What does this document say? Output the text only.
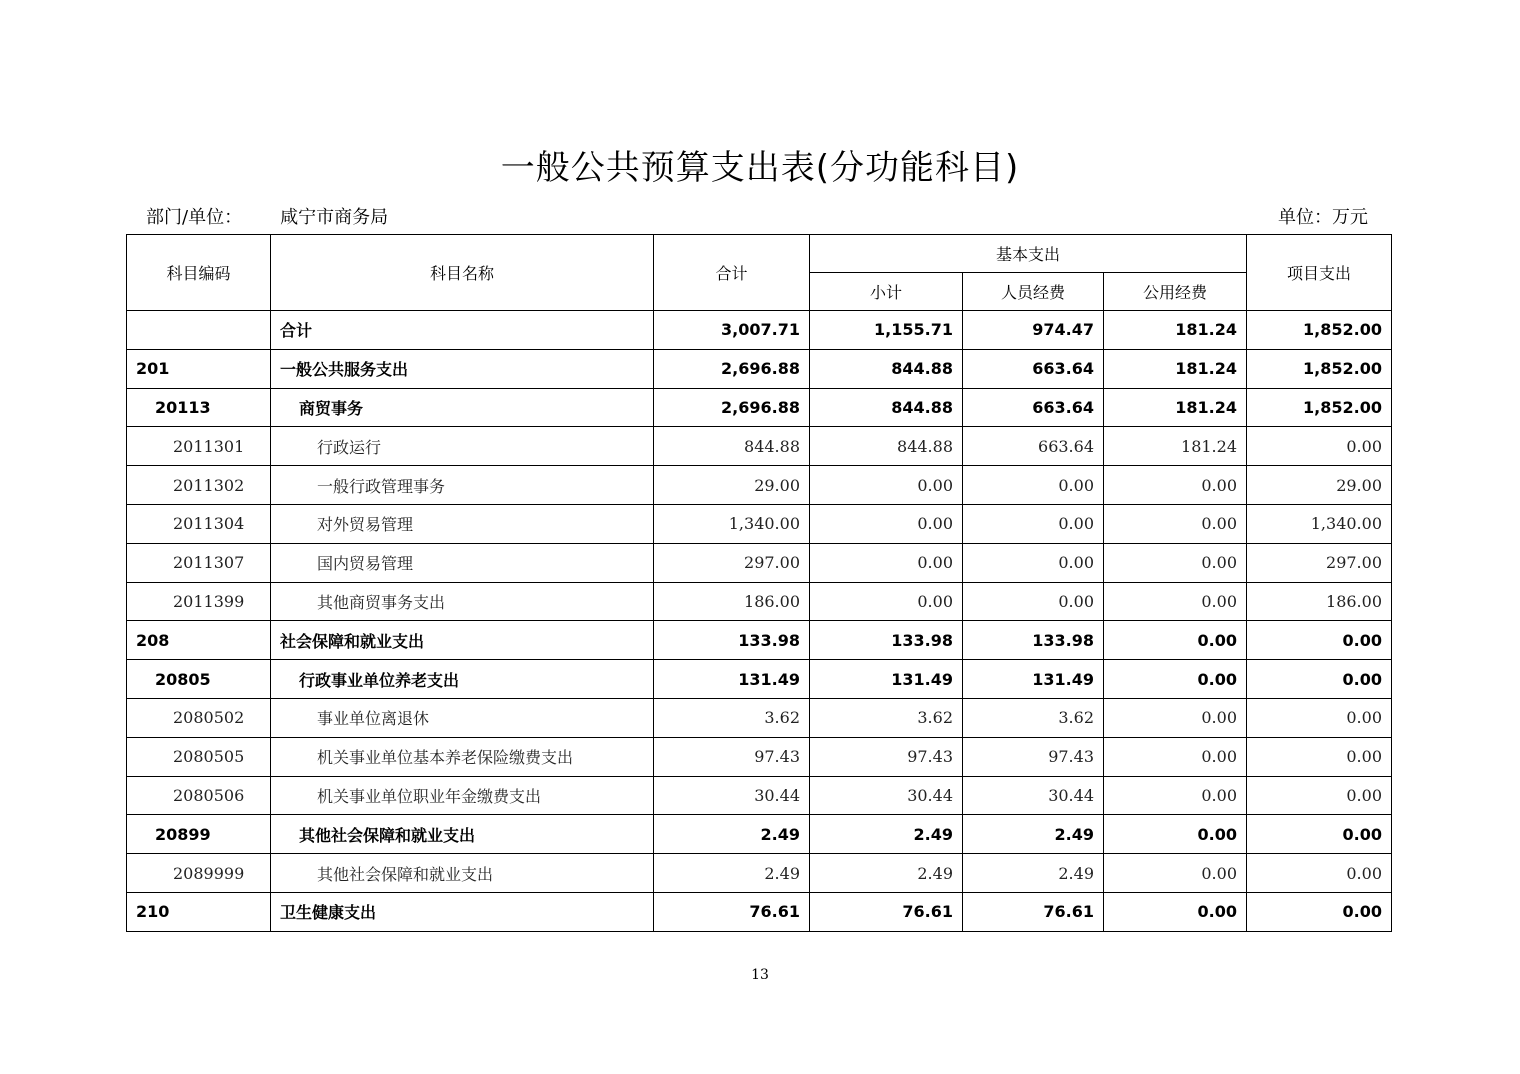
一般公共预算支出表(分功能科目)
部门/单位： 咸宁市商务局	单位：万元
科目编码	科目名称	合计	基本支出			项目支出
			小计	人员经费	公用经费	
	合计	3,007.71	1,155.71	974.47	181.24	1,852.00
201	一般公共服务支出	2,696.88	844.88	663.64	181.24	1,852.00
20113	商贸事务	2,696.88	844.88	663.64	181.24	1,852.00
2011301	行政运行	844.88	844.88	663.64	181.24	0.00
2011302	一般行政管理事务	29.00	0.00	0.00	0.00	29.00
2011304	对外贸易管理	1,340.00	0.00	0.00	0.00	1,340.00
2011307	国内贸易管理	297.00	0.00	0.00	0.00	297.00
2011399	其他商贸事务支出	186.00	0.00	0.00	0.00	186.00
208	社会保障和就业支出	133.98	133.98	133.98	0.00	0.00
20805	行政事业单位养老支出	131.49	131.49	131.49	0.00	0.00
2080502	事业单位离退休	3.62	3.62	3.62	0.00	0.00
2080505	机关事业单位基本养老保险缴费支出	97.43	97.43	97.43	0.00	0.00
2080506	机关事业单位职业年金缴费支出	30.44	30.44	30.44	0.00	0.00
20899	其他社会保障和就业支出	2.49	2.49	2.49	0.00	0.00
2089999	其他社会保障和就业支出	2.49	2.49	2.49	0.00	0.00
210	卫生健康支出	76.61	76.61	76.61	0.00	0.00
13
